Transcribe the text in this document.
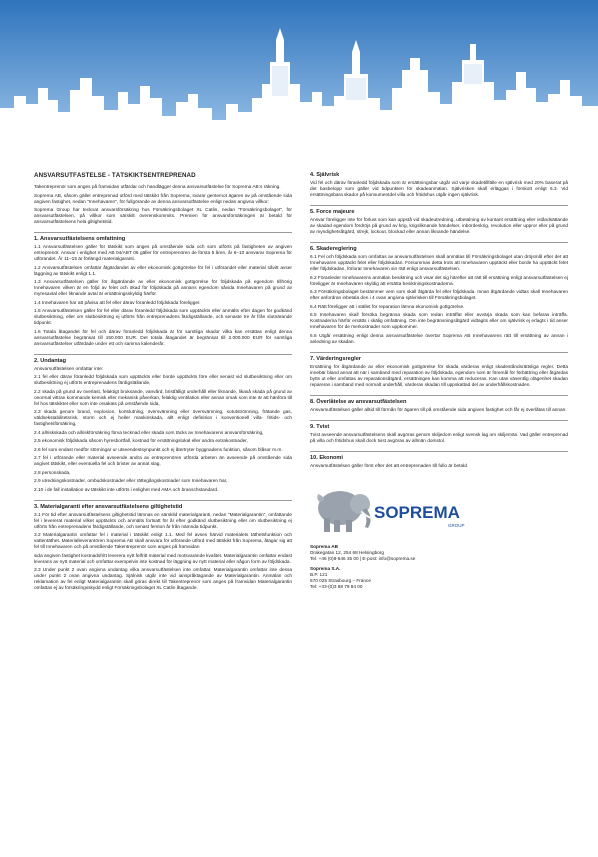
ANSVARSUTFÄSTELSE - TÄTSKIKTSENTREPRENAD

Takentreprenör som anges på framsidan utfärdar och handlägger denna ansvarsutfästelse för Soprema AB:s räkning.

Soprema AB, såsom gäller entreprenad utförd med tätskikt från Soprema, svarar gentemot ägaren av på omstående sida angiven fastighet, nedan "Innehavaren", för fullgörande av denna ansvarsutfästelse enligt nedan angivna villkor:

Soprema Group har tecknat ansvarsförsäkring hos Försäkringsbolaget XL Catlin, nedan "Försäkringsbolaget", för ansvarsutfästelsen, på villkor som särskilt överenskommits. Premien för ansvarsförsäkringen är betald för ansvarsutfästelsens hela giltighetstid.

1. Ansvarsutfästelsens omfattning

1.1 Ansvarsutfästelsen gäller för tätskikt som anges på omstående sida och som utförts på fastigheten av angiven entreprenör. Ansvar i enlighet med AB 04/ABT 06 gäller för entreprenören de första 5 åren, år 6–10 ansvarar Soprema för utförandet. År 11–15 är förlängd materialgaranti.

1.2 Ansvarsutfästelsen omfattar åtgärdandet av eller ekonomisk gottgörelse för fel i utförandet eller material såvitt avser läggning av tätskikt enligt 1.1.

1.3 Ansvarsutfästelsen gäller för åtgärdande av eller ekonomisk gottgörelse för följdskada på egendom tillhörig Innehavaren vilken är en följd av felet och ökad för följdskada på annans egendom såvida Innehavaren på grund av myresavtal eller liknande avtal är ersättningsskyldig härför.

1.4 Innehavaren har att påvisa att fel eller därav föranledd följdskada föreligger.

1.5 Ansvarsutfästelsen gäller för fel eller därav föranledd följdskada som upptäckts eller anmälts efter dagen för godkänd slutbesiktning, eller om slutbesiktning ej utförts från entreprenadens färdigställande, och senaste tre år från slutnärande tidpunkt.

1.6 Totala åtagandet för fel och därav föranledd följdskada är för samtliga skador vilka kan ersättas enligt denna ansvarsutfästelse begränsat till 150.000 EUR. Det totala åtagandet är begränsat till 2.000.000 EUR för samtliga ansvarsutfästelser utfärdade under ett och samma kalenderår.

2. Undantag

Ansvarsutfästelsen omfattar inte:

2.1 fel eller därav föranledd följdskada som upptäckts eller borde upptäckts före eller senast vid slutbesiktning eller om slutbesiktning ej utförts entreprenadens färdigställande,

2.2 skada på grund av överlast, felaktigt bruksande, vanvård, bristfälligt underhåll eller liknande, likaså skada på grund av onormal vittran kommande kemisk eller mekanisk påverkan, felaktig ventilation eller annan orsak som inte är att hänföra till fel hos tätskiktet eller som inte orsakats på omstående sida,

2.3 skada genom brand, explosion, kortslutning, översvämning eller översvämning, sotutströmning, frätande gas, väldsekstabilitetsrisk, storm och ej heller maskinskada, allt enligt definition i konventionell villa- fritids- och fastighetsförsäkring,

2.4 allriskskada och allriskförsäkring förva tecknad eller skada som täcks av Innehavarens ansvarsförsäkring,

2.5 ekonomisk följdskada såsom hyresbortfall, kostnad för ersättningslokal eller andra extrakostnader,

2.6 fel som endast medför störningar ur utseendestsynpunkt och ej återtryter byggnadens funktion, såsom blåsor m.m.

2.7 fel i utförande eller material avseende andra av entreprenören utförda arbeten än avseende på omstående sida angivet tätskikt, eller eventuella fel och brister av annat slag,

2.8 personskada,

2.9 utredningskostnader, ombudskostnader eller rättegångskostnader som Innehavaren har,

2.10 i de fall installation av tätskikt inte utförts i enlighet med AMA och branschstandard.

3. Materialgaranti efter ansvarsutfästelsens giltighetstid

3.1 För tid efter ansvarsutfästelsens giltighetstid lämnas en särskild materialgaranti, nedan "Materialgarantin", omfattande fel i levererat material vilket upptäckts och anmälts fortsatt för år efter godkänd slutbesiktning eller om slutbesiktning ej utförts från entreprenadens färdigställande, och senast femton år från nämnda tidpunkt.

3.2 Materialgarantin omfattar fel i material i tätskikt enligt 1.1. Med fel avses härvid materialets täthetsfunktion och vattentäthet. Materialleverantören Soprema AB skall ansvara för utförande utförd med tätskikt från Soprema, åtagar sig att fel till Innehavaren och på omstående Takentreprenör som anges på framsidan

sida angiven fastighet kostnadsfritt leverera nytt felfritt material med motsvarande kvalitet. Materialgarantin omfattar endast leverans av nytt material och omfattar exempelvis inte kostnad för läggning av nytt material eller någon form av följdskada.

3.3 Under punkt 2 ovan angivna undantag vilka ansvarsutfästelsen inte omfattar. Materialgarantin omfattar inte dessa under punkt 2 ovan angivna undantag. Själnisk utgår inte vid ianspråktagande av Materialgarantin. Anmälan och reklamation av fel enligt Materialgarantin skall göras direkt till Takentreprenör som anges på framsidan Materialgarantin omfattas ej av försäkringsskydd enligt Försäkringsbolaget XL Catlin åtagande.

4. Självrisk

Vid fel och därav föranledd följdskada som är ersättningsbar utgår vid varje skadetillfälle en självrisk med 20% baserat på det basbelopp som gäller vid tidpunkten för skadeanmälan. Självrisken skall erläggas i förskott enligt 6.3. Vid ersättningsbara skador på konsumentdel villa och fritidshus utgår ingen självrisk.

5. Force majeure

Ansvar föreligger inte för förlust som kan uppstå vid skadeutredning, utbetalning av kontant ersättning eller iståndsättande av skadad egendom fördröjs på grund av krig, krigsliknande händelser, inbördeskrig, revolution eller uppror eller på grund av myndighetsåtgärd, strejk, lockout, blockad eller annan liknande händelse.

6. Skadereglering

6.1 Fel och följdskada som omfattas av ansvarsutfästelsen skall anmälas till Försäkringsbolaget utan dröjsmål efter det att Innehavaren upptäckt felet eller följdskadan. Försummas detta trots att Innehavaren upptäckt eller borde ha upptäckt felet eller följdskadan, förlorar Innehavaren sin rätt enligt ansvarsutfästelsen.

6.2 Föranleder Innehavarens anmälan besiktning och visar det sig härefter att rätt till ersättning enligt ansvarsutfästelsen ej föreligger är Innehavaren skyldig att ersätta besiktningskostnaderna.

6.3 Försäkringsbolaget bestämmer vem som skall åtgärda fel eller följdskada. Innan åtgärdande vidtas skall Innehavaren efter anfordran inbetala den i 4 ovan angivna självrisken till Försäkringsbolaget.

6.4 Rätt föreligger att i stället för reparation lämna ekonomisk gottgörelse.

6.5 Innehavaren skall försöka begränsa skada som redan inträffat eller avvärja skada som kan befaras inträffa. Kostnaderna härför ersätts i skälig omfattning. Om inte begränsningsåtgärd vidtagits eller om självrisk ej erlagts i tid anser Innehavaren för de merkostnader som uppkommer.

6.6 Utgår ersättning enligt denna ansvarsutfästelse övertar Soprema AB Innehavarens rätt till ersättning av annan i anledning av skadan.

7. Värderingsregler

Ersättning för åtgärdande av eller ekonomisk gottgörelse för skada värderas enligt skadeståndsrättsliga regler. Detta innebär bland annat att när i samband med reparation av följdskada, egendom som är föremål för förbättring eller åtgärdas bytts ut eller omfattas av reparationsåtgärd, ersättningen kan komma att reduceras. Kan utan väsentlig olägenhet skadan repareras i samband med normalt underhåll, värderas skadan till uppskattad del av underhållskostnaden.

8. Överlåtelse av ansvarsutfästelsen

Ansvarsutfästelsen gäller alltid till förmån för ägaren till på omstående sida angiven fastighet och får ej överlåtas till annan.

9. Tvist

Tvist avseende ansvarsutfästelsens skall avgöras genom skiljedom enligt svensk lag om skiljemän. Vad gäller entreprenad på villa och fritidshus skall dock tvist avgöras av allmän domstol.

10. Ekonomi

Ansvarsutfästelsen gäller först efter det att entreprenaden till fullo är betald.

SOPREMA
GROUP

Soprema AB

Drakegatan 12, 254 68 Helsingborg

Tel. +46 (0)8-646 35 00 | E-post: info@soprema.se

Soprema S.A.

B.P. 121

670 025 Strasbourg – France

Tel: +33-(0)3 88 79 84 00
